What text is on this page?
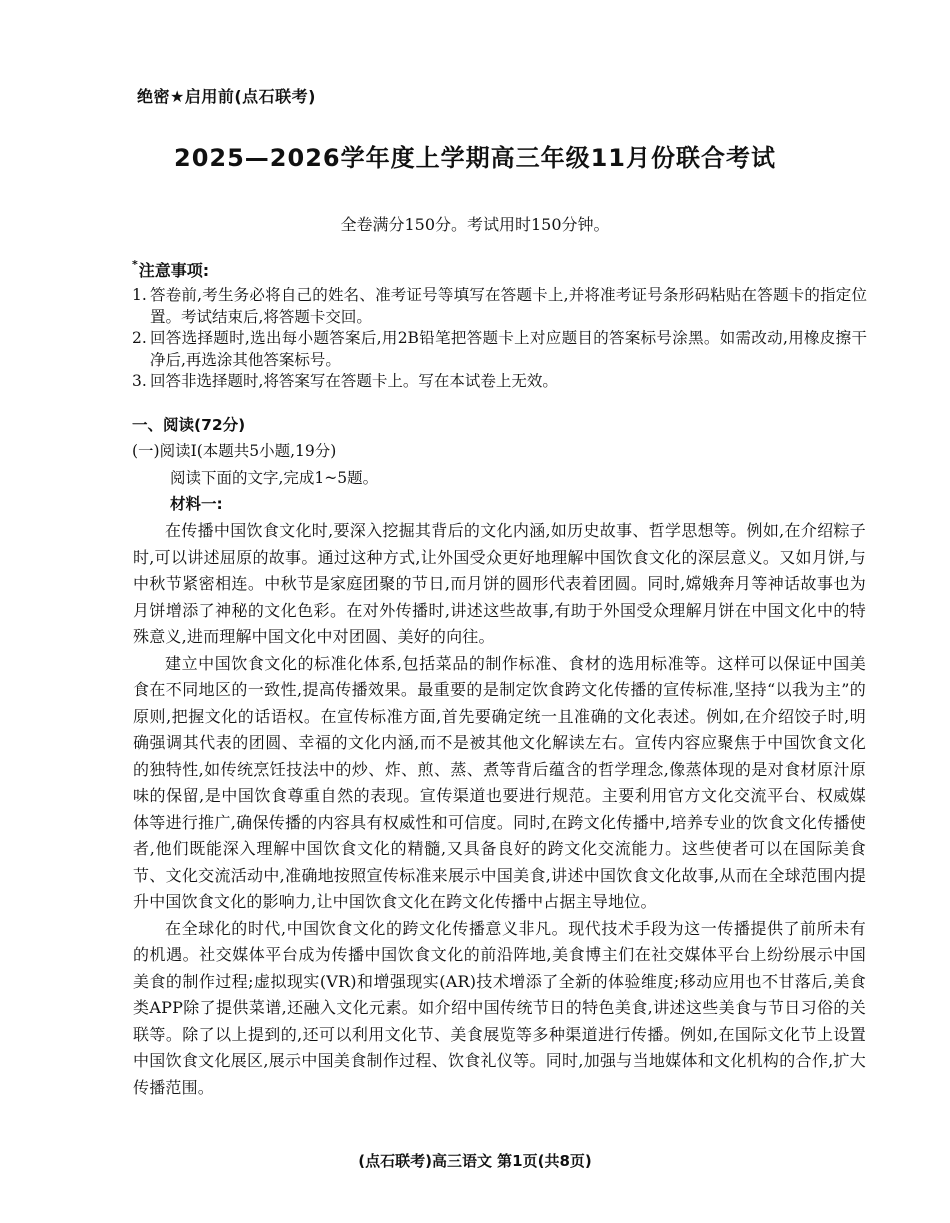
绝密★启用前(点石联考)
2025—2026学年度上学期高三年级11月份联合考试
全卷满分150分。考试用时150分钟。
*注意事项:
1. 答卷前,考生务必将自己的姓名、准考证号等填写在答题卡上,并将准考证号条形码粘贴在答题卡的指定位置。考试结束后,将答题卡交回。
2. 回答选择题时,选出每小题答案后,用2B铅笔把答题卡上对应题目的答案标号涂黑。如需改动,用橡皮擦干净后,再选涂其他答案标号。
3. 回答非选择题时,将答案写在答题卡上。写在本试卷上无效。
一、阅读(72分)
(一)阅读Ⅰ(本题共5小题,19分)
阅读下面的文字,完成1~5题。
材料一:

在传播中国饮食文化时,要深入挖掘其背后的文化内涵,如历史故事、哲学思想等。例如,在介绍粽子时,可以讲述屈原的故事。通过这种方式,让外国受众更好地理解中国饮食文化的深层意义。又如月饼,与中秋节紧密相连。中秋节是家庭团聚的节日,而月饼的圆形代表着团圆。同时,嫦娥奔月等神话故事也为月饼增添了神秘的文化色彩。在对外传播时,讲述这些故事,有助于外国受众理解月饼在中国文化中的特殊意义,进而理解中国文化中对团圆、美好的向往。

建立中国饮食文化的标准化体系,包括菜品的制作标准、食材的选用标准等。这样可以保证中国美食在不同地区的一致性,提高传播效果。最重要的是制定饮食跨文化传播的宣传标准,坚持“以我为主”的原则,把握文化的话语权。在宣传标准方面,首先要确定统一且准确的文化表述。例如,在介绍饺子时,明确强调其代表的团圆、幸福的文化内涵,而不是被其他文化解读左右。宣传内容应聚焦于中国饮食文化的独特性,如传统烹饪技法中的炒、炸、煎、蒸、煮等背后蕴含的哲学理念,像蒸体现的是对食材原汁原味的保留,是中国饮食尊重自然的表现。宣传渠道也要进行规范。主要利用官方文化交流平台、权威媒体等进行推广,确保传播的内容具有权威性和可信度。同时,在跨文化传播中,培养专业的饮食文化传播使者,他们既能深入理解中国饮食文化的精髓,又具备良好的跨文化交流能力。这些使者可以在国际美食节、文化交流活动中,准确地按照宣传标准来展示中国美食,讲述中国饮食文化故事,从而在全球范围内提升中国饮食文化的影响力,让中国饮食文化在跨文化传播中占据主导地位。

在全球化的时代,中国饮食文化的跨文化传播意义非凡。现代技术手段为这一传播提供了前所未有的机遇。社交媒体平台成为传播中国饮食文化的前沿阵地,美食博主们在社交媒体平台上纷纷展示中国美食的制作过程;虚拟现实(VR)和增强现实(AR)技术增添了全新的体验维度;移动应用也不甘落后,美食类APP除了提供菜谱,还融入文化元素。如介绍中国传统节日的特色美食,讲述这些美食与节日习俗的关联等。除了以上提到的,还可以利用文化节、美食展览等多种渠道进行传播。例如,在国际文化节上设置中国饮食文化展区,展示中国美食制作过程、饮食礼仪等。同时,加强与当地媒体和文化机构的合作,扩大传播范围。

(点石联考)高三语文 第1页(共8页)
